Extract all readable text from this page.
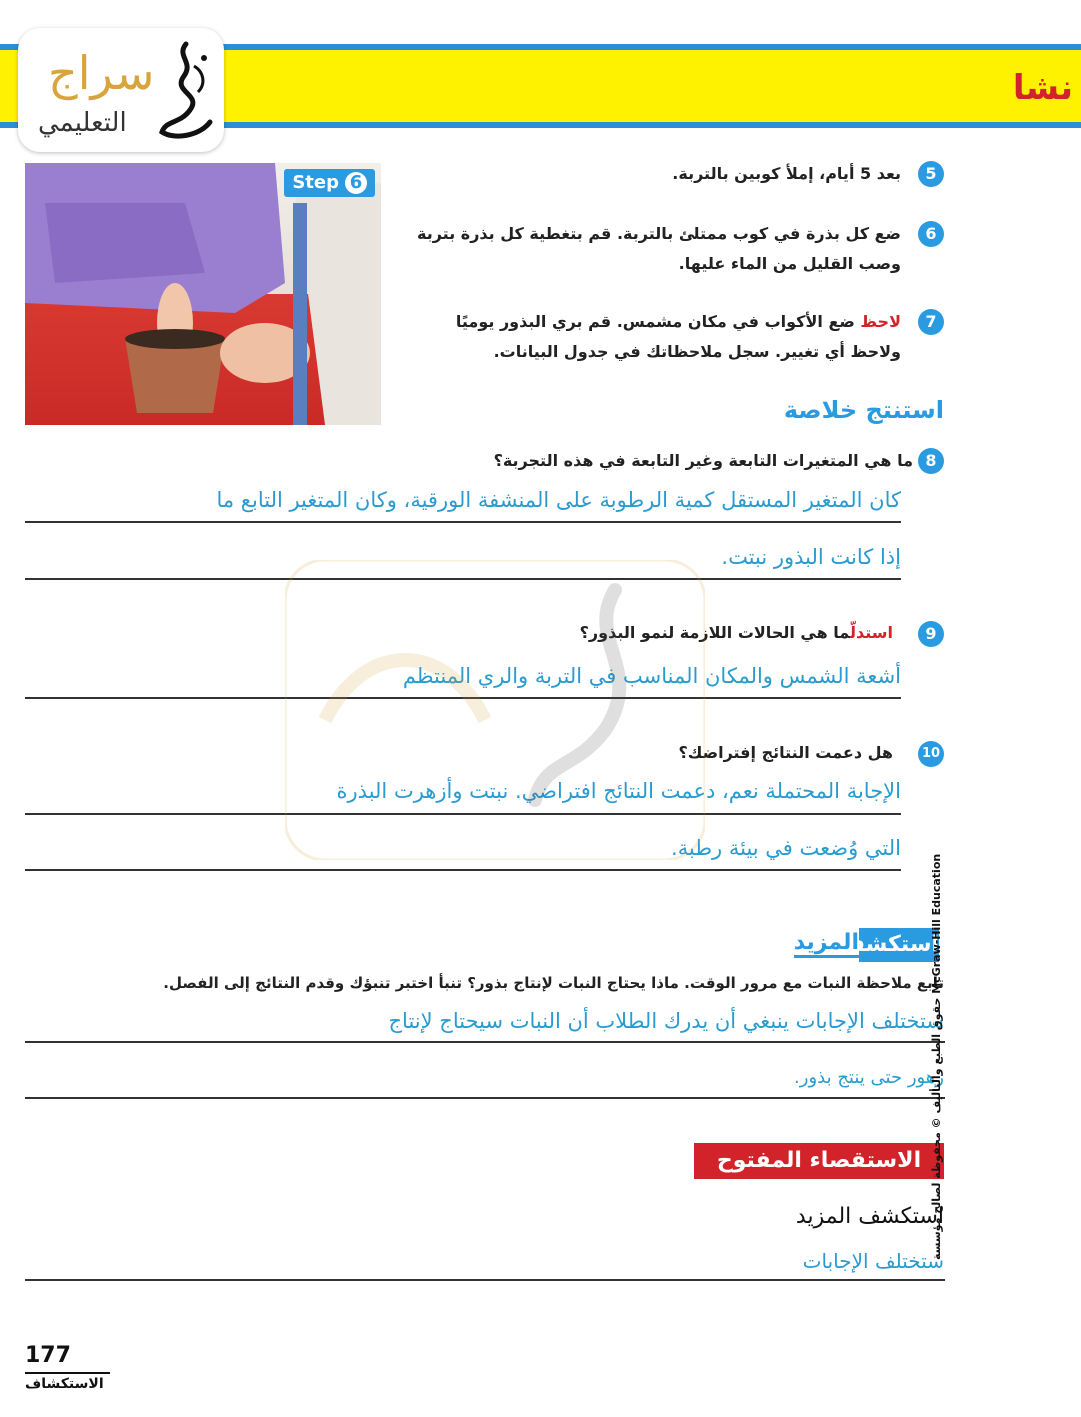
نشا
سراج
التعليمي
Step 6	5
بعد 5 أيام، إملأ كوبين بالتربة.
6
ضع كل بذرة في كوب ممتلئ بالتربة. قم بتغطية كل بذرة بتربة
وصب القليل من الماء عليها.
7
لاحظ ضع الأكواب في مكان مشمس. قم بري البذور يوميًا
ولاحظ أي تغيير. سجل ملاحظاتك في جدول البيانات.
استنتج خلاصة
8
ما هي المتغيرات التابعة وغير التابعة في هذه التجربة؟
كان المتغير المستقل كمية الرطوبة على المنشفة الورقية، وكان المتغير التابع ما
إذا كانت البذور نبتت.
9
استدلّما هي الحالات اللازمة لنمو البذور؟
أشعة الشمس والمكان المناسب في التربة والري المنتظم
10
هل دعمت النتائج إفتراضك؟
الإجابة المحتملة نعم، دعمت النتائج افتراضي. نبتت وأزهرت البذرة
التي وُضعت في بيئة رطبة.
استكشف
المزيد
تابع ملاحظة النبات مع مرور الوقت. ماذا يحتاج النبات لإنتاج بذور؟ تنبأ اختبر تنبؤك وقدم النتائج إلى الفصل.
ستختلف الإجابات ينبغي أن يدرك الطلاب أن النبات سيحتاج لإنتاج
زهور حتى ينتج بذور.
الاستقصاء المفتوح
استكشف المزيد
ستختلف الإجابات
حقوق الطبع والتأليف © محفوظة لصالح مؤسسة McGraw-Hill Education
177
الاستكشاف
